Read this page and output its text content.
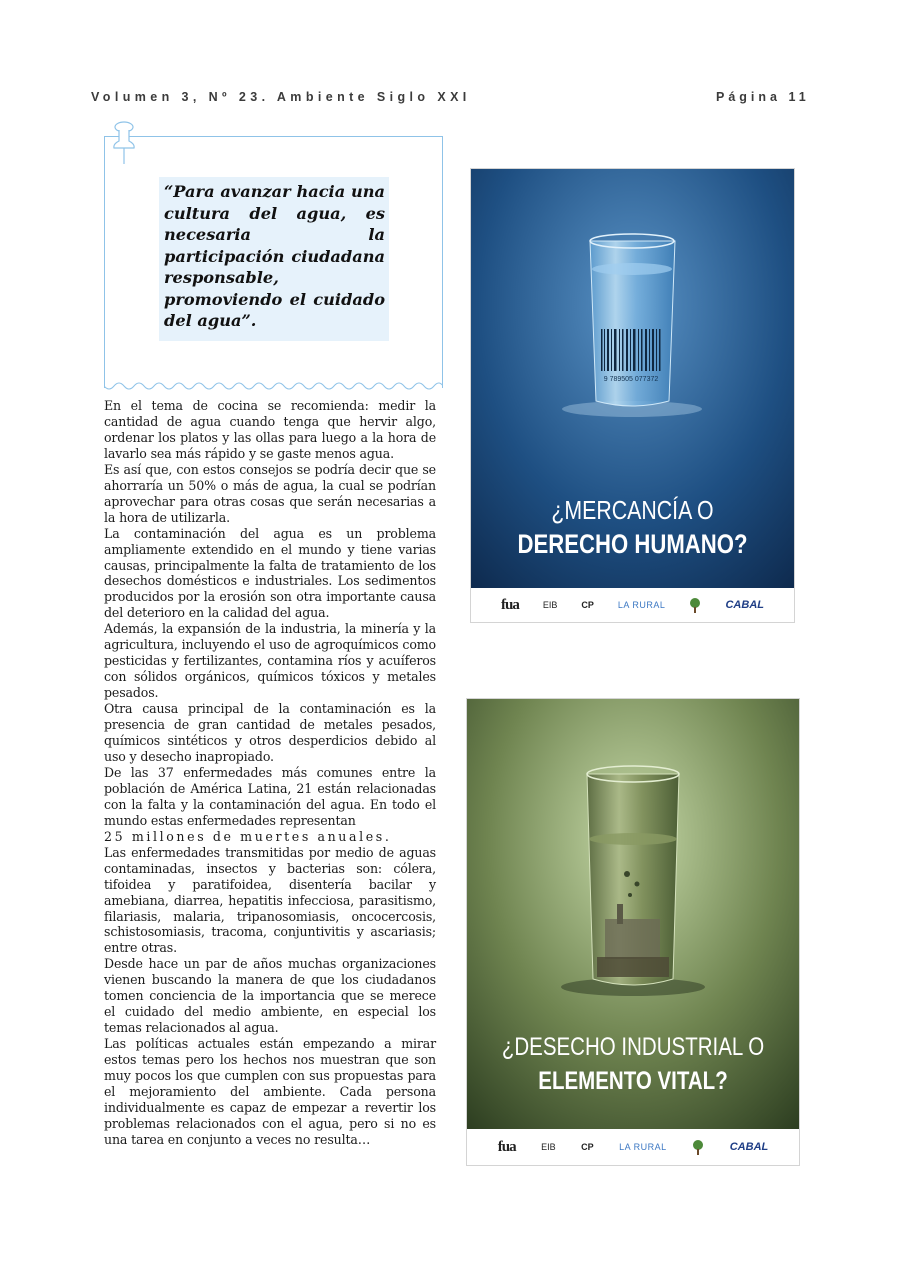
Volumen 3, Nº 23. Ambiente Siglo XXI	Página 11
“Para avanzar hacia una cultura del agua, es necesaria la participación ciudadana responsable, promoviendo el cuidado del agua”.

En el tema de cocina se recomienda: medir la cantidad de agua cuando tenga que hervir algo, ordenar los platos y las ollas para luego a la hora de lavarlo sea más rápido y se gaste menos agua.

Es así que, con estos consejos se podría decir que se ahorraría un 50% o más de agua, la cual se podrían aprovechar para otras cosas que serán necesarias a la hora de utilizarla.

La contaminación del agua es un problema ampliamente extendido en el mundo y tiene varias causas, principalmente la falta de tratamiento de los desechos domésticos e industriales. Los sedimentos producidos por la erosión son otra importante causa del deterioro en la calidad del agua.

Además, la expansión de la industria, la minería y la agricultura, incluyendo el uso de agroquímicos como pesticidas y fertilizantes, contamina ríos y acuíferos con sólidos orgánicos, químicos tóxicos y metales pesados.

Otra causa principal de la contaminación es la presencia de gran cantidad de metales pesados, químicos sintéticos y otros desperdicios debido al uso y desecho inapropiado.

De las 37 enfermedades más comunes entre la población de América Latina, 21 están relacionadas con la falta y la contaminación del agua. En todo el mundo estas enfermedades representan

25 millones de muertes anuales.

Las enfermedades transmitidas por medio de aguas contaminadas, insectos y bacterias son: cólera, tifoidea y paratifoidea, disentería bacilar y amebiana, diarrea, hepatitis infecciosa, parasitismo, filariasis, malaria, tripanosomiasis, oncocercosis, schistosomiasis, tracoma, conjuntivitis y ascariasis; entre otras.

Desde hace un par de años muchas organizaciones vienen buscando la manera de que los ciudadanos tomen conciencia de la importancia que se merece el cuidado del medio ambiente, en especial los temas relacionados al agua.

Las políticas actuales están empezando a mirar estos temas pero los hechos nos muestran que son muy pocos los que cumplen con sus propuestas para el mejoramiento del ambiente. Cada persona individualmente es capaz de empezar a revertir los problemas relacionados con el agua, pero si no es una tarea en conjunto a veces no resulta…

9 789505 077372
¿MERCANCÍA O
DERECHO HUMANO?
fua	EIB	CP	LA RURAL	CABAL
¿DESECHO INDUSTRIAL O
ELEMENTO VITAL?
fua	EIB	CP	LA RURAL	CABAL
